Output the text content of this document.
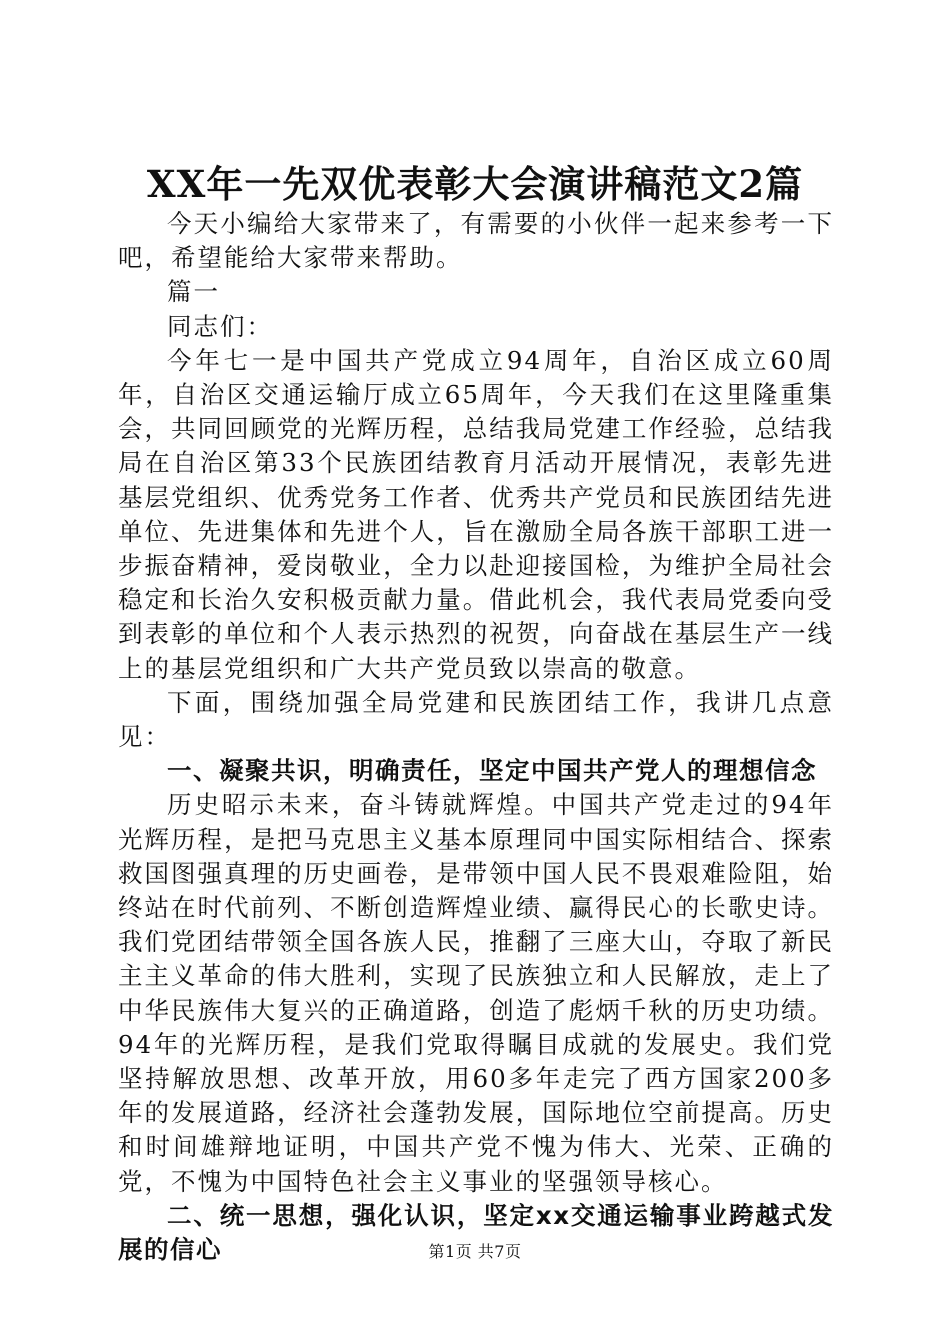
XX年一先双优表彰大会演讲稿范文2篇

今天小编给大家带来了，有需要的小伙伴一起来参考一下吧，希望能给大家带来帮助。

篇一

同志们：

今年七一是中国共产党成立94周年，自治区成立60周年，自治区交通运输厅成立65周年，今天我们在这里隆重集会，共同回顾党的光辉历程，总结我局党建工作经验，总结我局在自治区第33个民族团结教育月活动开展情况，表彰先进基层党组织、优秀党务工作者、优秀共产党员和民族团结先进单位、先进集体和先进个人，旨在激励全局各族干部职工进一步振奋精神，爱岗敬业，全力以赴迎接国检，为维护全局社会稳定和长治久安积极贡献力量。借此机会，我代表局党委向受到表彰的单位和个人表示热烈的祝贺，向奋战在基层生产一线上的基层党组织和广大共产党员致以崇高的敬意。

下面，围绕加强全局党建和民族团结工作，我讲几点意见：

一、凝聚共识，明确责任，坚定中国共产党人的理想信念

历史昭示未来，奋斗铸就辉煌。中国共产党走过的94年光辉历程，是把马克思主义基本原理同中国实际相结合、探索救国图强真理的历史画卷，是带领中国人民不畏艰难险阻，始终站在时代前列、不断创造辉煌业绩、赢得民心的长歌史诗。我们党团结带领全国各族人民，推翻了三座大山，夺取了新民主主义革命的伟大胜利，实现了民族独立和人民解放，走上了中华民族伟大复兴的正确道路，创造了彪炳千秋的历史功绩。94年的光辉历程，是我们党取得瞩目成就的发展史。我们党坚持解放思想、改革开放，用60多年走完了西方国家200多年的发展道路，经济社会蓬勃发展，国际地位空前提高。历史和时间雄辩地证明，中国共产党不愧为伟大、光荣、正确的党，不愧为中国特色社会主义事业的坚强领导核心。

二、统一思想，强化认识，坚定xx交通运输事业跨越式发展的信心	第1页 共7页
